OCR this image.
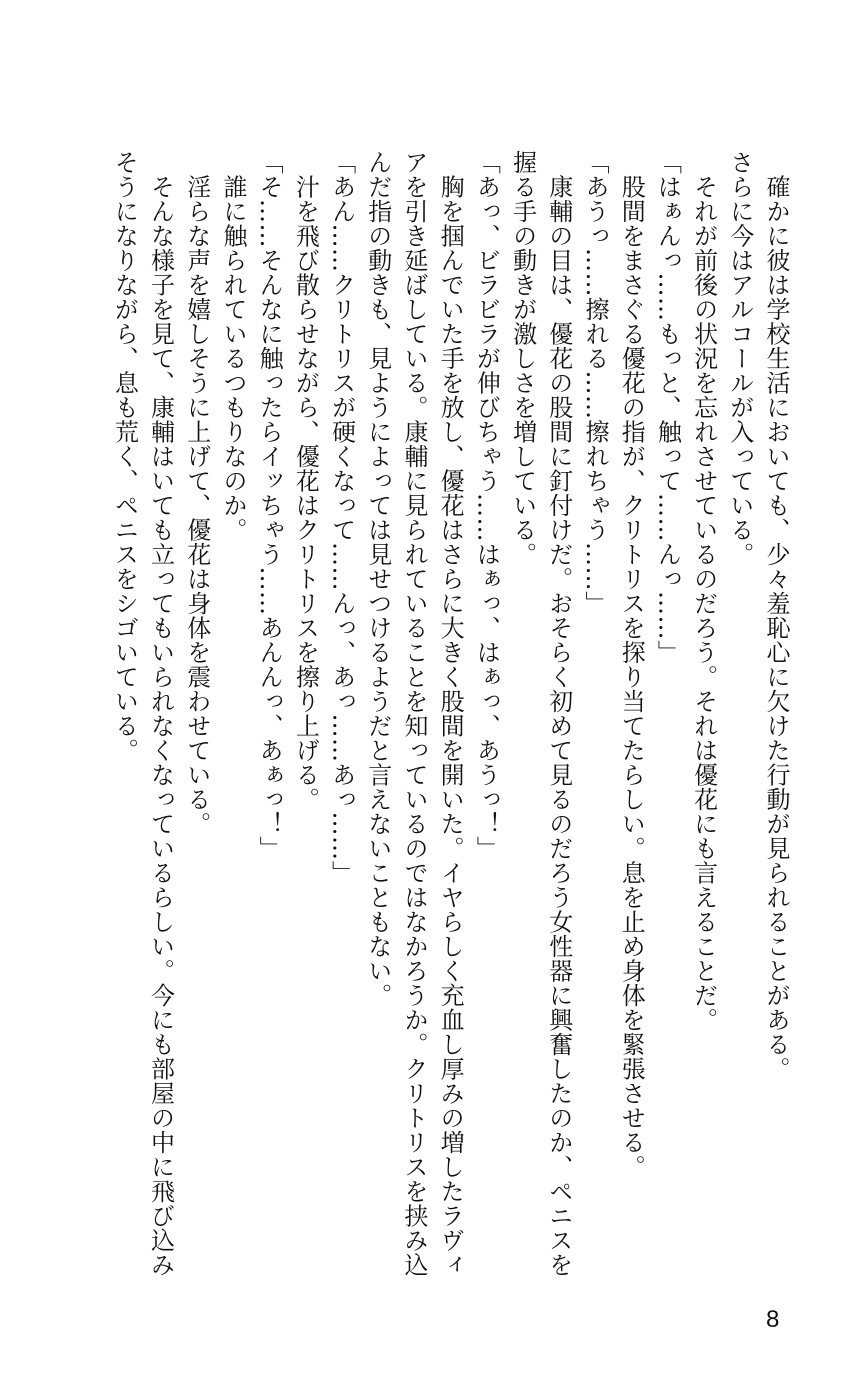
　確かに彼は学校生活においても、少々羞恥心に欠けた行動が見られることがある。

さらに今はアルコールが入っている。

　それが前後の状況を忘れさせているのだろう。それは優花にも言えることだ。

「はぁんっ……もっと、触って……んっ……」

　股間をまさぐる優花の指が、クリトリスを探り当てたらしい。息を止め身体を緊張させる。

「あうっ……擦れる……擦れちゃう……」

　康輔の目は、優花の股間に釘付けだ。おそらく初めて見るのだろう女性器に興奮したのか、ペニスを

握る手の動きが激しさを増している。

「あっ、ビラビラが伸びちゃう……はぁっ、はぁっ、あうっ！」

　胸を掴んでいた手を放し、優花はさらに大きく股間を開いた。イヤらしく充血し厚みの増したラヴィ

アを引き延ばしている。康輔に見られていることを知っているのではなかろうか。クリトリスを挟み込

んだ指の動きも、見ようによっては見せつけるようだと言えないこともない。

「あん……クリトリスが硬くなって……んっ、あっ……あっ……」

　汁を飛び散らせながら、優花はクリトリスを擦り上げる。

「そ……そんなに触ったらイッちゃう……あんんっ、あぁっ！」

　誰に触られているつもりなのか。

　淫らな声を嬉しそうに上げて、優花は身体を震わせている。

　そんな様子を見て、康輔はいても立ってもいられなくなっているらしい。今にも部屋の中に飛び込み

そうになりながら、息も荒く、ペニスをシゴいている。

8
